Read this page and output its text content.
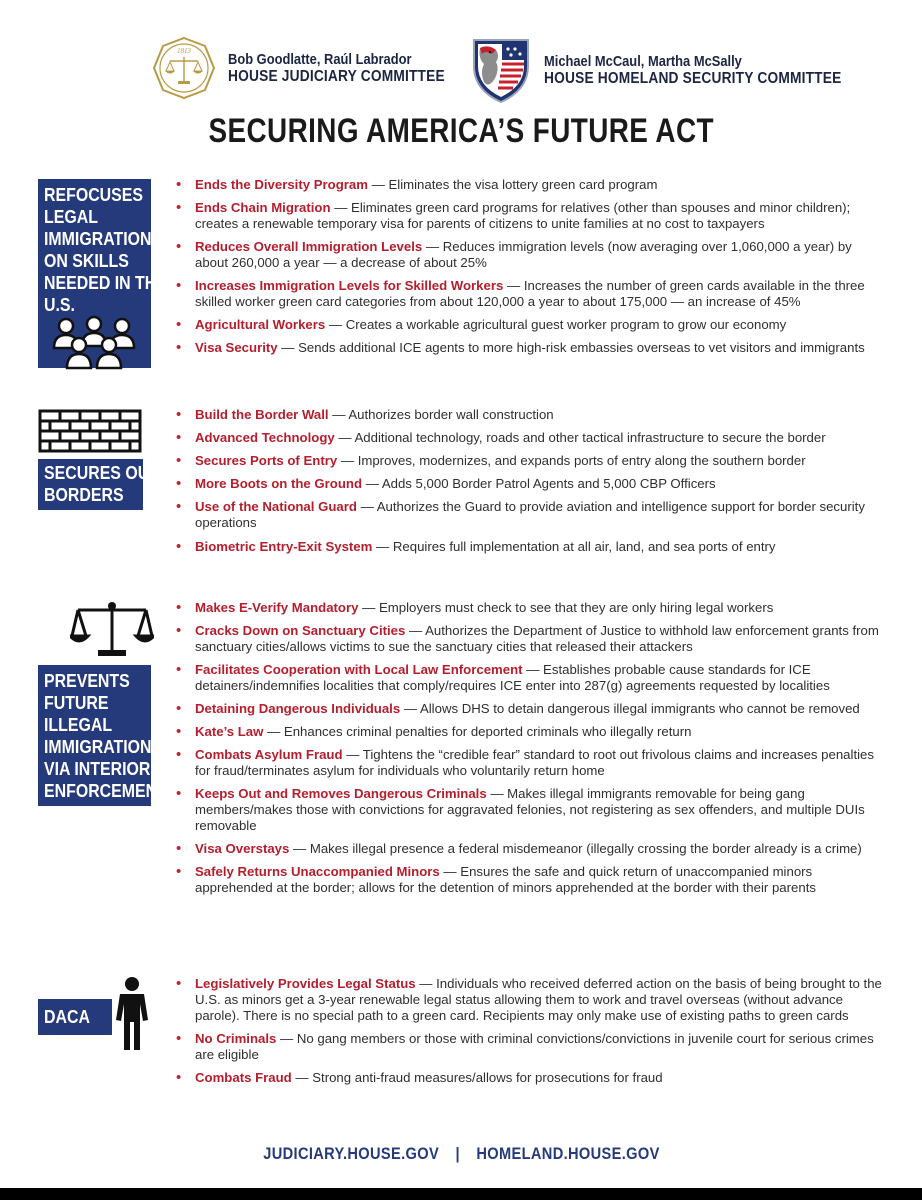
1813 Bob Goodlatte, Raúl Labrador
HOUSE JUDICIARY COMMITTEE
Michael McCaul, Martha McSally
HOUSE HOMELAND SECURITY COMMITTEE
SECURING AMERICA’S FUTURE ACT
REFOCUSES
LEGAL
IMMIGRATION
ON SKILLS
NEEDED IN THE
U.S.
• Ends the Diversity Program — Eliminates the visa lottery green card program
• Ends Chain Migration — Eliminates green card programs for relatives (other than spouses and minor children); creates a renewable temporary visa for parents of citizens to unite families at no cost to taxpayers
• Reduces Overall Immigration Levels — Reduces immigration levels (now averaging over 1,060,000 a year) by about 260,000 a year — a decrease of about 25%
• Increases Immigration Levels for Skilled Workers — Increases the number of green cards available in the three skilled worker green card categories from about 120,000 a year to about 175,000 — an increase of 45%
• Agricultural Workers — Creates a workable agricultural guest worker program to grow our economy
• Visa Security — Sends additional ICE agents to more high-risk embassies overseas to vet visitors and immigrants
SECURES OUR
BORDERS
• Build the Border Wall — Authorizes border wall construction
• Advanced Technology — Additional technology, roads and other tactical infrastructure to secure the border
• Secures Ports of Entry — Improves, modernizes, and expands ports of entry along the southern border
• More Boots on the Ground — Adds 5,000 Border Patrol Agents and 5,000 CBP Officers
• Use of the National Guard — Authorizes the Guard to provide aviation and intelligence support for border security operations
• Biometric Entry-Exit System — Requires full implementation at all air, land, and sea ports of entry
PREVENTS
FUTURE
ILLEGAL
IMMIGRATION
VIA INTERIOR
ENFORCEMENT
• Makes E-Verify Mandatory — Employers must check to see that they are only hiring legal workers
• Cracks Down on Sanctuary Cities — Authorizes the Department of Justice to withhold law enforcement grants from sanctuary cities/allows victims to sue the sanctuary cities that released their attackers
• Facilitates Cooperation with Local Law Enforcement — Establishes probable cause standards for ICE detainers/indemnifies localities that comply/requires ICE enter into 287(g) agreements requested by localities
• Detaining Dangerous Individuals — Allows DHS to detain dangerous illegal immigrants who cannot be removed
• Kate’s Law — Enhances criminal penalties for deported criminals who illegally return
• Combats Asylum Fraud — Tightens the “credible fear” standard to root out frivolous claims and increases penalties for fraud/terminates asylum for individuals who voluntarily return home
• Keeps Out and Removes Dangerous Criminals — Makes illegal immigrants removable for being gang members/makes those with convictions for aggravated felonies, not registering as sex offenders, and multiple DUIs removable
• Visa Overstays — Makes illegal presence a federal misdemeanor (illegally crossing the border already is a crime)
• Safely Returns Unaccompanied Minors — Ensures the safe and quick return of unaccompanied minors apprehended at the border; allows for the detention of minors apprehended at the border with their parents
DACA
• Legislatively Provides Legal Status — Individuals who received deferred action on the basis of being brought to the U.S. as minors get a 3-year renewable legal status allowing them to work and travel overseas (without advance parole). There is no special path to a green card. Recipients may only make use of existing paths to green cards
• No Criminals — No gang members or those with criminal convictions/convictions in juvenile court for serious crimes are eligible
• Combats Fraud — Strong anti-fraud measures/allows for prosecutions for fraud
JUDICIARY.HOUSE.GOV | HOMELAND.HOUSE.GOV
